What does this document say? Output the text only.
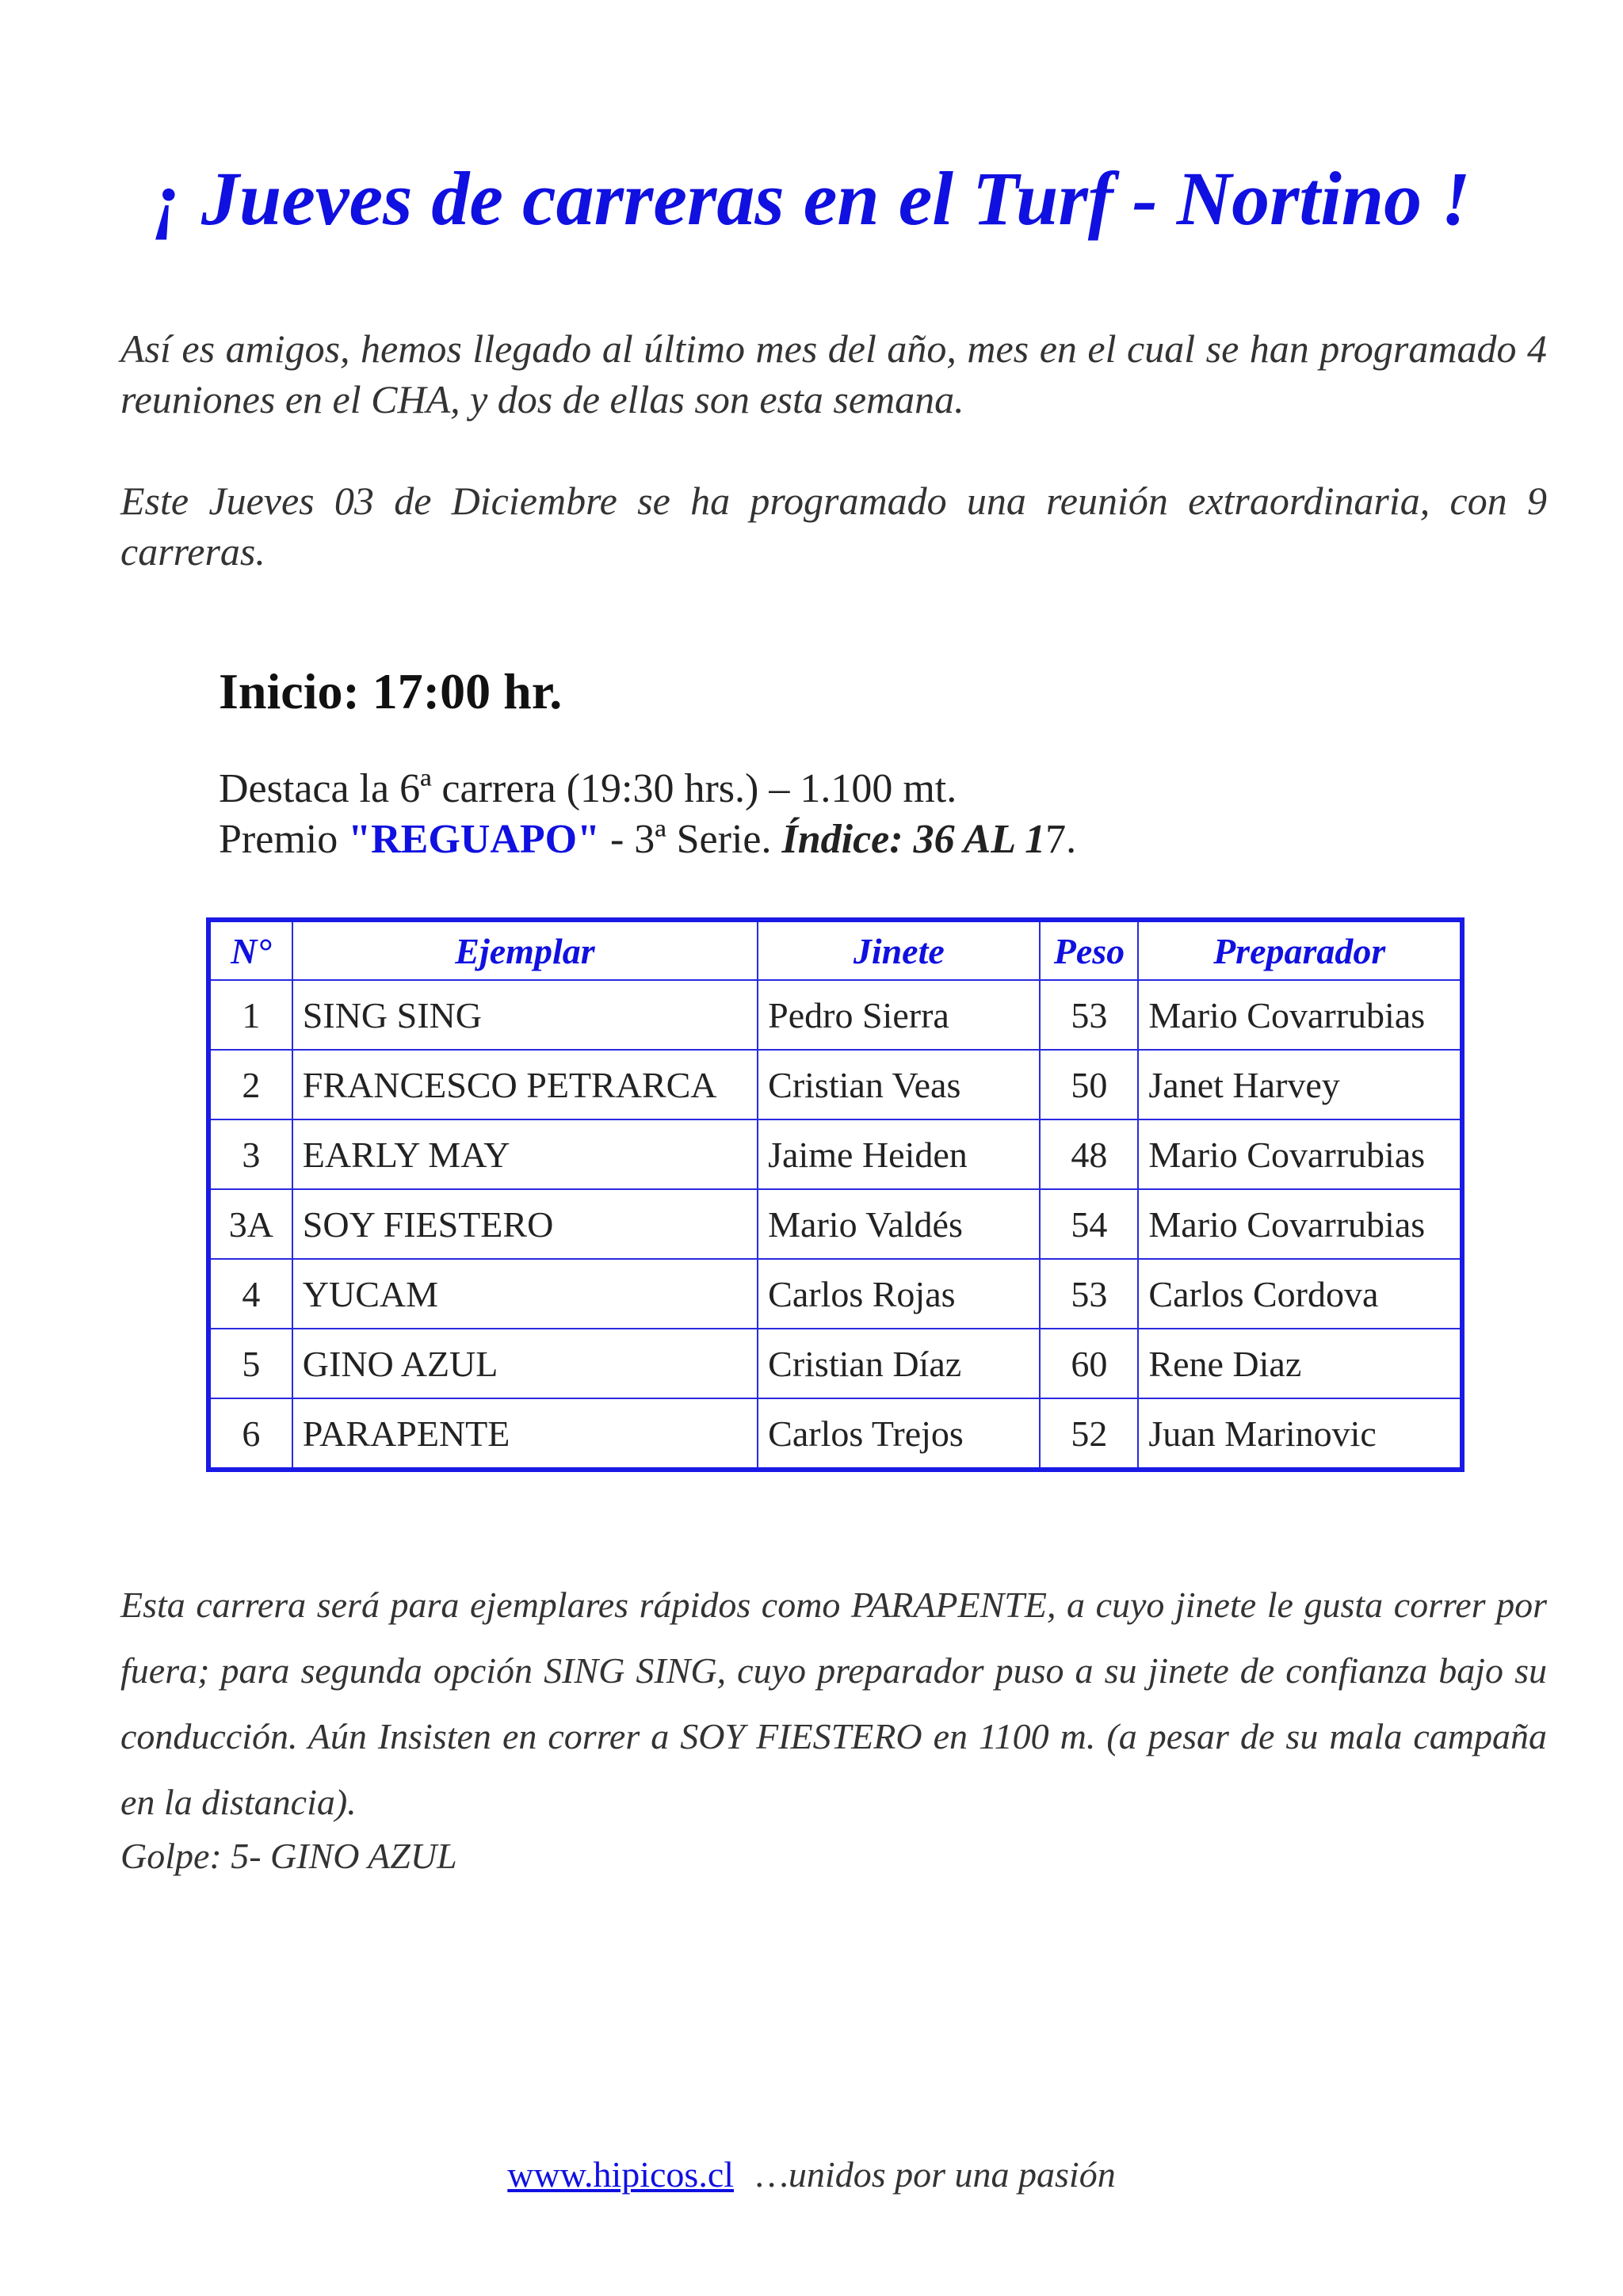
¡ Jueves de carreras en el Turf - Nortino !

Así es amigos, hemos llegado al último mes del año, mes en el cual se han programado 4 reuniones en el CHA, y dos de ellas son esta semana.

Este Jueves 03 de Diciembre se ha programado una reunión extraordinaria, con 9 carreras.

Inicio: 17:00 hr.

Destaca la 6ª carrera (19:30 hrs.) – 1.100 mt.
Premio "REGUAPO" - 3ª Serie. Índice: 36 AL 17.
N°	Ejemplar	Jinete	Peso	Preparador
1	SING SING	Pedro Sierra	53	Mario Covarrubias
2	FRANCESCO PETRARCA	Cristian Veas	50	Janet Harvey
3	EARLY MAY	Jaime Heiden	48	Mario Covarrubias
3A	SOY FIESTERO	Mario Valdés	54	Mario Covarrubias
4	YUCAM	Carlos Rojas	53	Carlos Cordova
5	GINO AZUL	Cristian Díaz	60	Rene Diaz
6	PARAPENTE	Carlos Trejos	52	Juan Marinovic

Esta carrera será para ejemplares rápidos como PARAPENTE, a cuyo jinete le gusta correr por fuera; para segunda opción SING SING, cuyo preparador puso a su jinete de confianza bajo su conducción. Aún Insisten en correr a SOY FIESTERO en 1100 m. (a pesar de su mala campaña en la distancia).

Golpe: 5- GINO AZUL

www.hipicos.cl …unidos por una pasión
